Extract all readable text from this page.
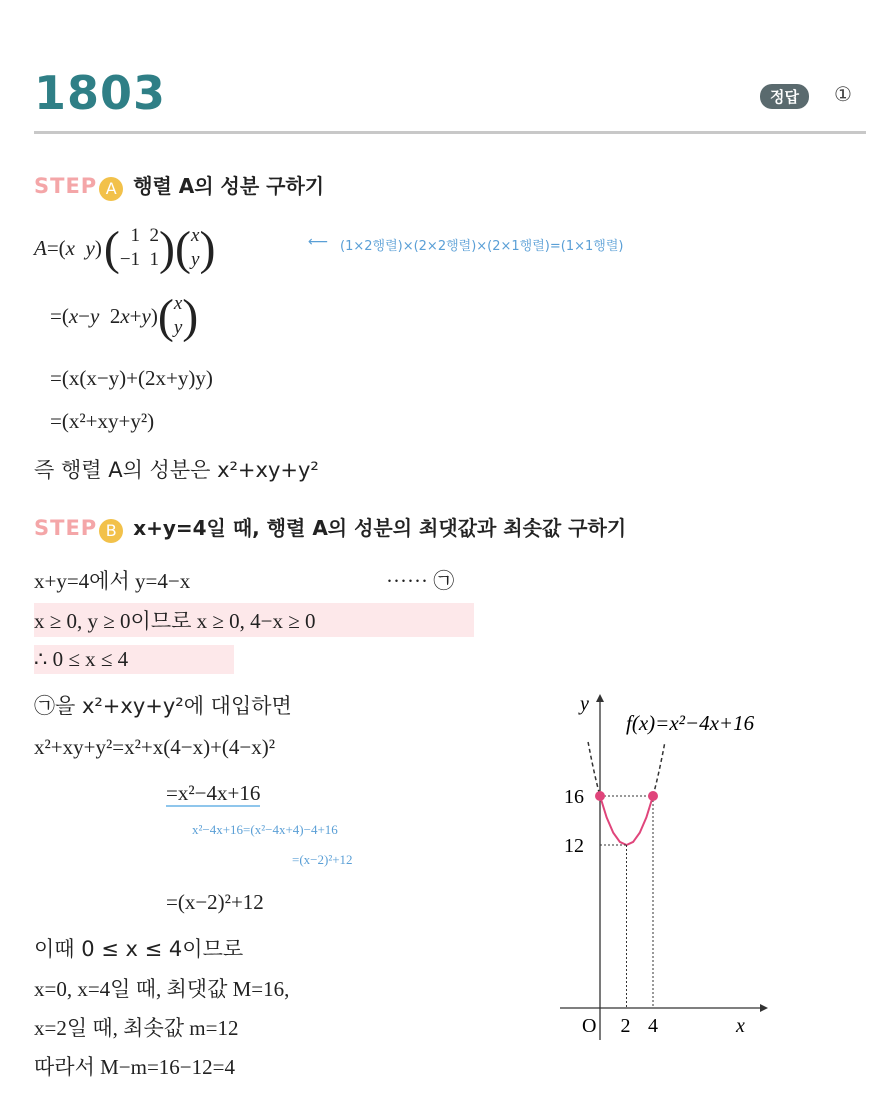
1803	정답	①
STEP A 행렬 A의 성분 구하기
A =( x
y ) ( 1  2
−1  1 ) ( x
y )	⟵ (1×2행렬)×(2×2행렬)×(2×1행렬)=(1×1행렬)
=( x − y
2 x + y ) ( x
y )
=(x(x−y)+(2x+y)y)
=(x²+xy+y²)
즉 행렬 A의 성분은 x²+xy+y²
STEP B x+y=4일 때, 행렬 A의 성분의 최댓값과 최솟값 구하기
x+y=4에서 y=4−x	······ ㉠
x ≥ 0, y ≥ 0이므로 x ≥ 0, 4−x ≥ 0
∴ 0 ≤ x ≤ 4
㉠을 x²+xy+y²에 대입하면
x²+xy+y²=x²+x(4−x)+(4−x)²
=x²−4x+16
x²−4x+16=(x²−4x+4)−4+16
=(x−2)²+12
=(x−2)²+12
이때 0 ≤ x ≤ 4이므로
x=0, x=4일 때, 최댓값 M=16,
x=2일 때, 최솟값 m=12
따라서 M−m=16−12=4
16
12
2 4
y
x
O
f(x)=x²−4x+16
